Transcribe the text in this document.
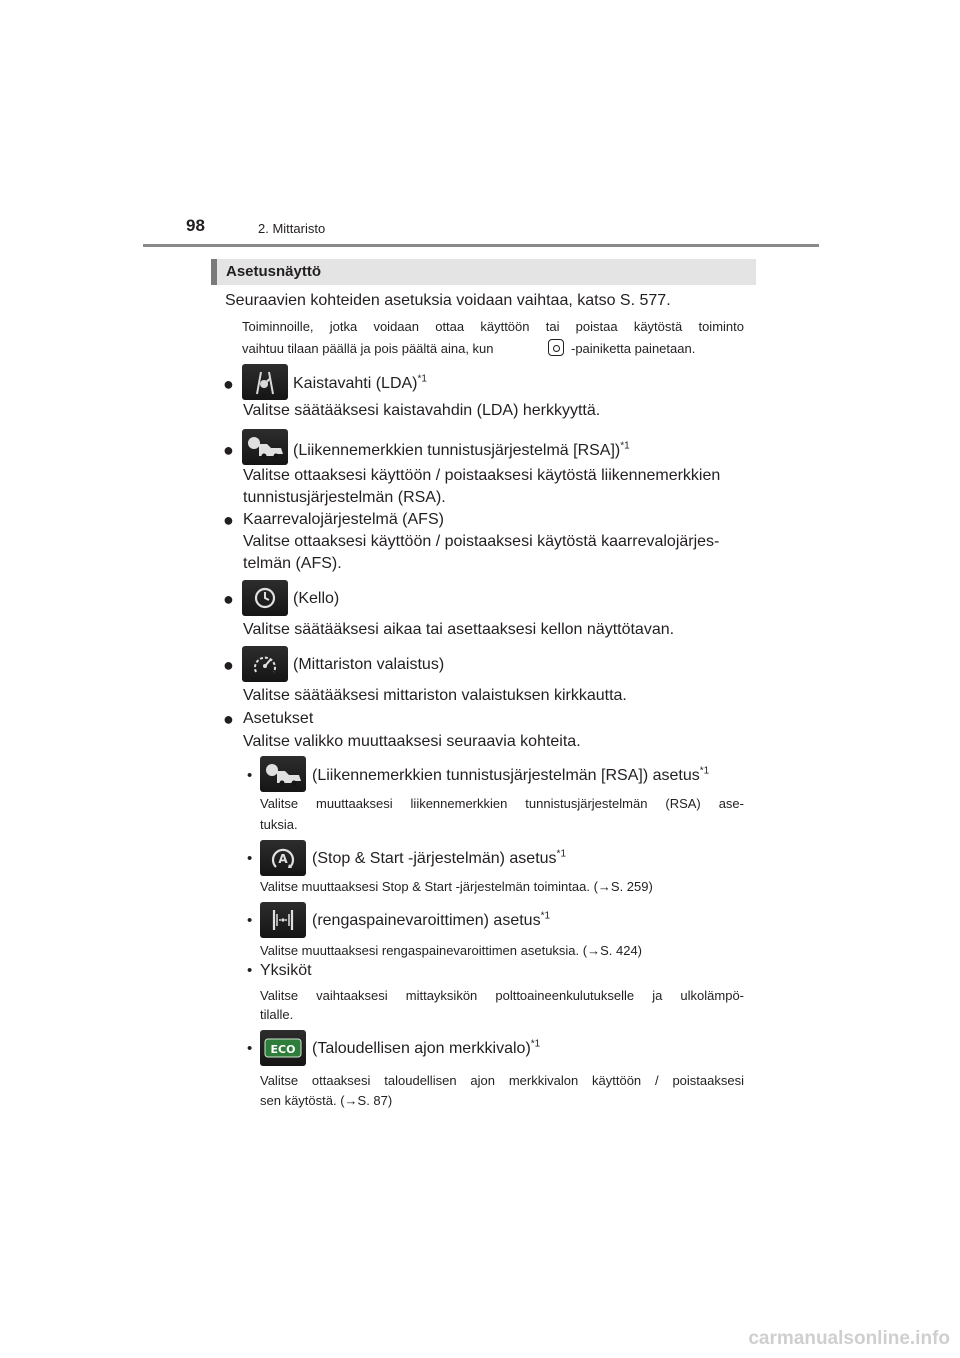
98	2. Mittaristo
Asetusnäyttö
Seuraavien kohteiden asetuksia voidaan vaihtaa, katso S. 577.
Toiminnoille, jotka voidaan ottaa käyttöön tai poistaa käytöstä toiminto
vaihtuu tilaan päällä ja pois päältä aina, kun	-painiketta painetaan.
●	Kaistavahti (LDA)$^{*1}$
Valitse säätääksesi kaistavahdin (LDA) herkkyyttä.
●	(Liikennemerkkien tunnistusjärjestelmä [RSA])$^{*1}$
Valitse ottaaksesi käyttöön / poistaaksesi käytöstä liikennemerkkien
tunnistusjärjestelmän (RSA).
● Kaarrevalojärjestelmä (AFS)
Valitse ottaaksesi käyttöön / poistaaksesi käytöstä kaarrevalojärjes-
telmän (AFS).
●	(Kello)
Valitse säätääksesi aikaa tai asettaaksesi kellon näyttötavan.
●	(Mittariston valaistus)
Valitse säätääksesi mittariston valaistuksen kirkkautta.
● Asetukset
Valitse valikko muuttaaksesi seuraavia kohteita.
•	(Liikennemerkkien tunnistusjärjestelmän [RSA]) asetus$^{*1}$
Valitse muuttaaksesi liikennemerkkien tunnistusjärjestelmän (RSA) ase-
tuksia.
• A (Stop & Start -järjestelmän) asetus$^{*1}$
Valitse muuttaaksesi Stop & Start -järjestelmän toimintaa. (→S. 259)
•	(rengaspainevaroittimen) asetus$^{*1}$
Valitse muuttaaksesi rengaspainevaroittimen asetuksia. (→S. 424)
• Yksiköt
Valitse vaihtaaksesi mittayksikön polttoaineenkulutukselle ja ulkolämpö-
tilalle.
• ECO (Taloudellisen ajon merkkivalo)$^{*1}$
Valitse ottaaksesi taloudellisen ajon merkkivalon käyttöön / poistaaksesi
sen käytöstä. (→S. 87)
carmanualsonline.info
